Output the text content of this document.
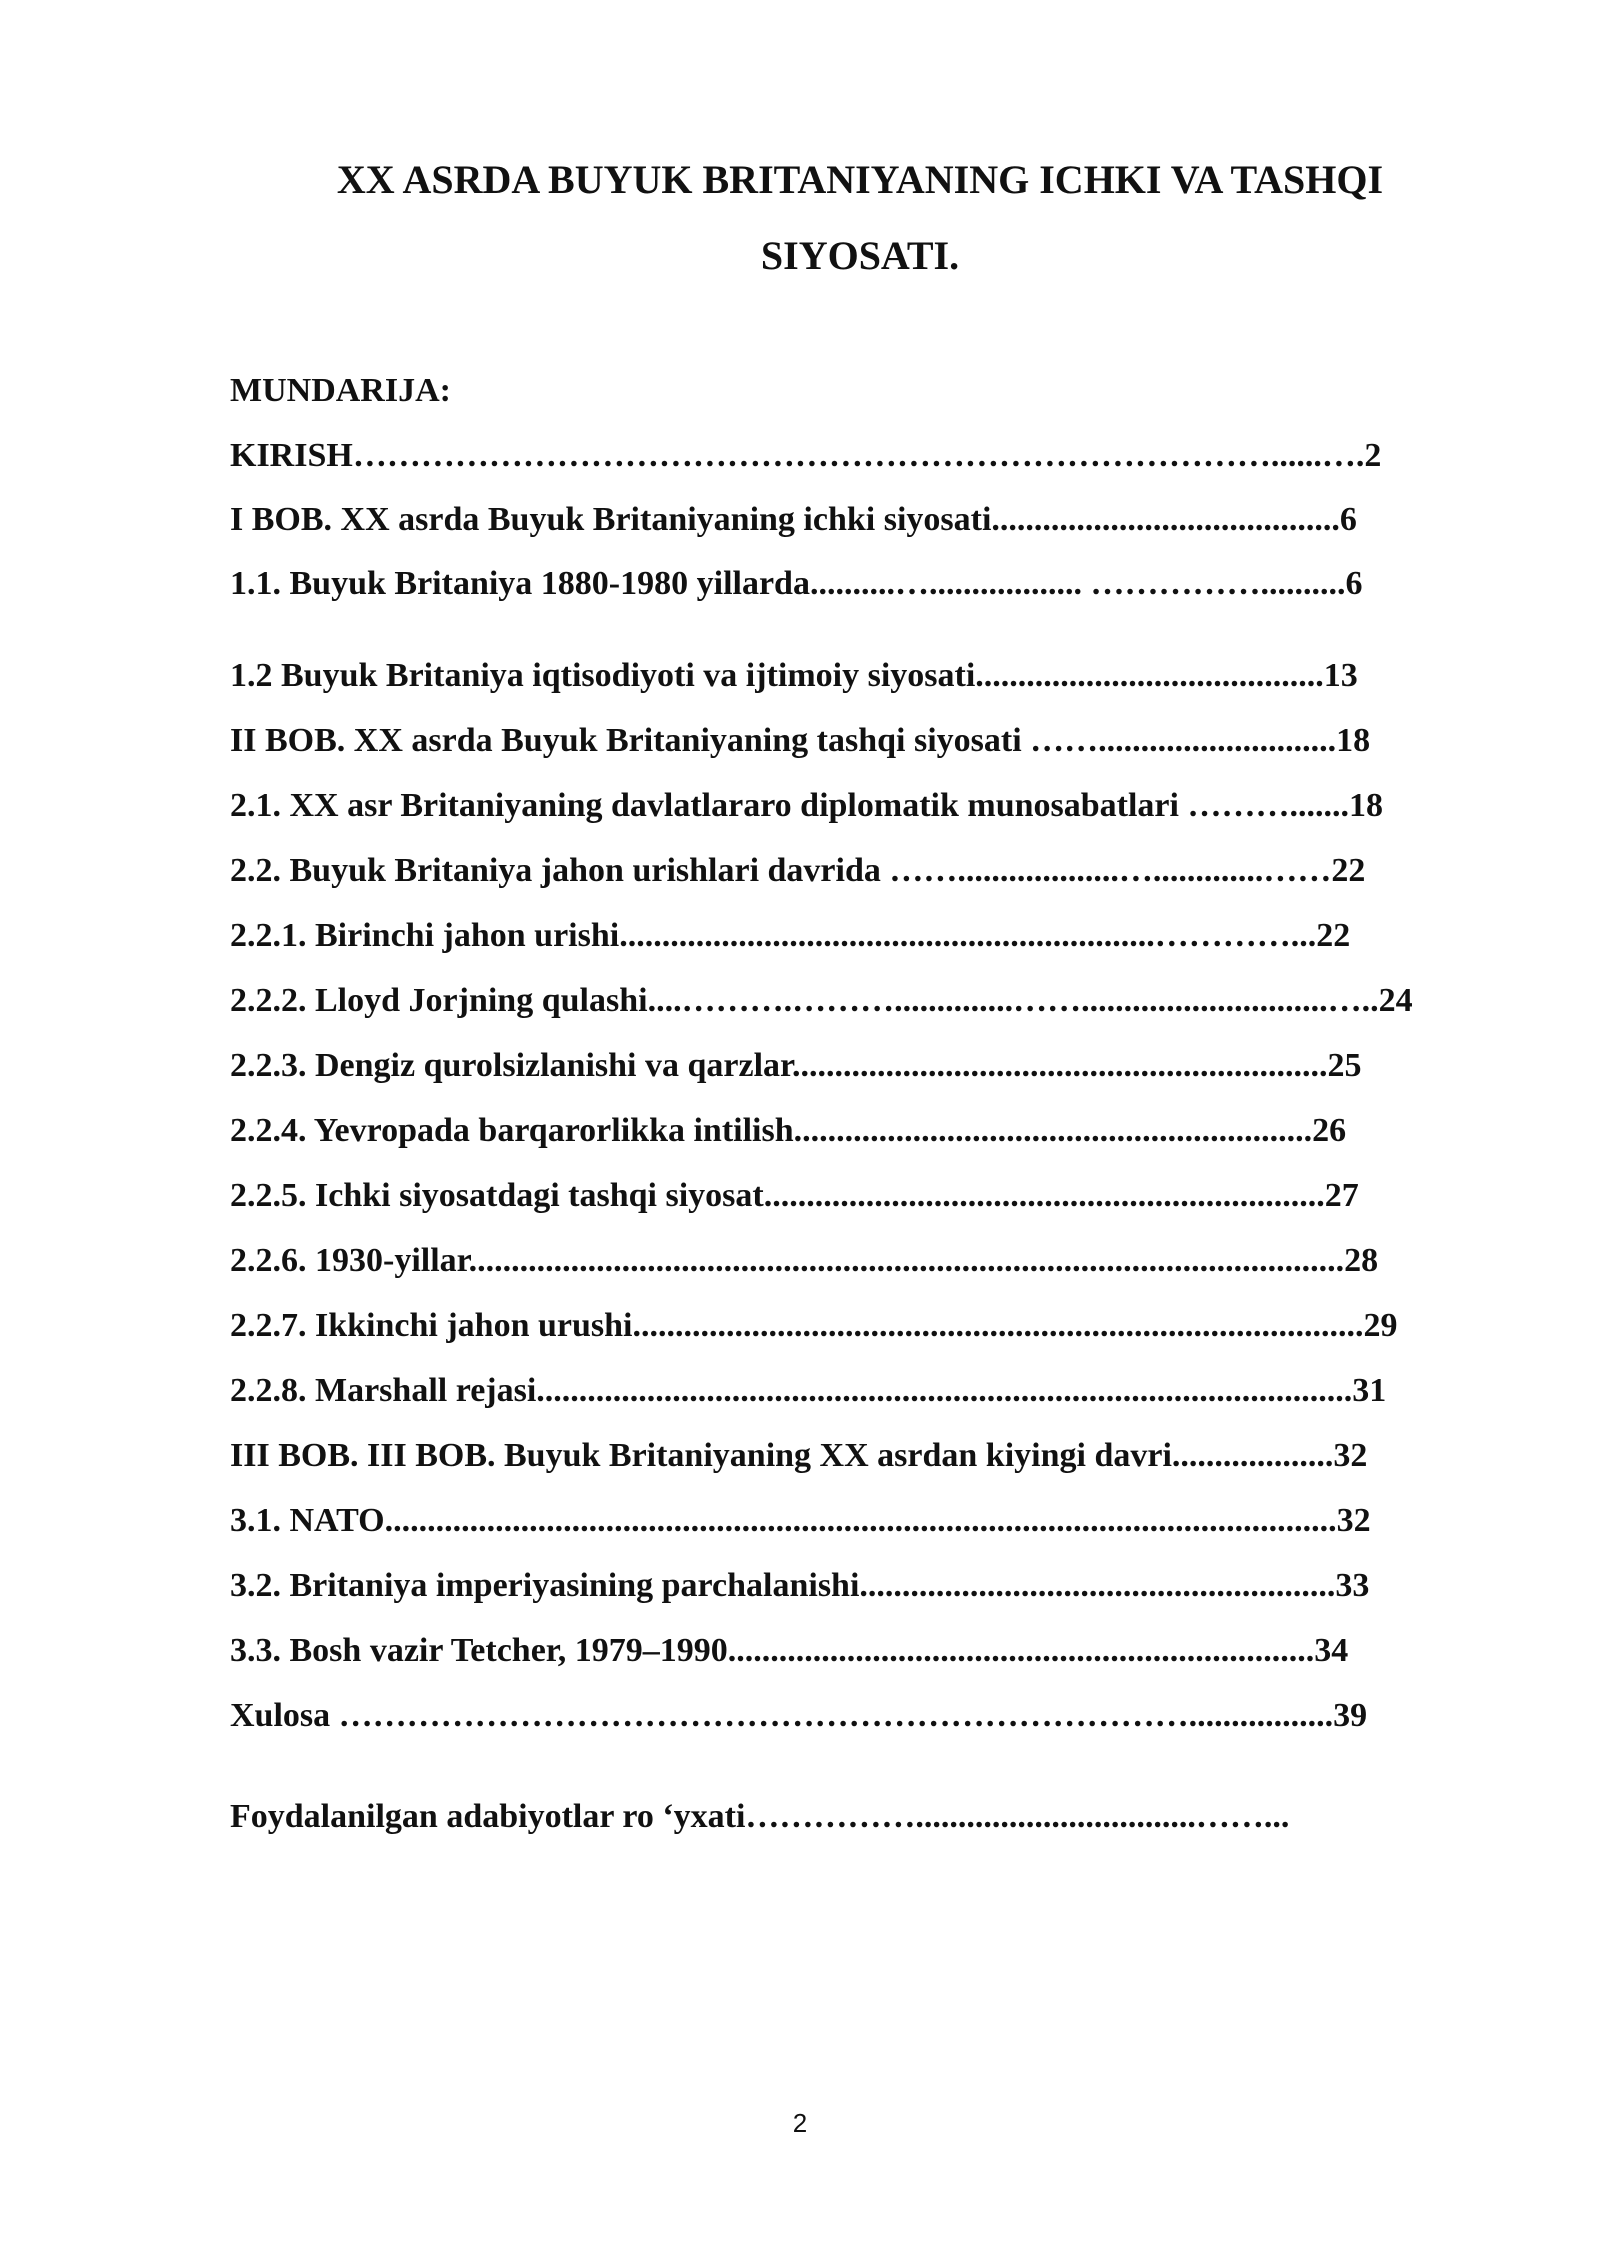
XX ASRDA BUYUK BRITANIYANING ICHKI VA TASHQI
SIYOSATI.
MUNDARIJA:
KIRISH………………………………………………………………………......….2
I BOB. XX asrda Buyuk Britaniyaning ichki siyosati.........................................6
1.1. Buyuk Britaniya 1880-1980 yillarda..........….................. ……………..........6
1.2 Buyuk Britaniya iqtisodiyoti va ijtimoiy siyosati.........................................13
II BOB. XX asrda Buyuk Britaniyaning tashqi siyosati ……............................18
2.1. XX asr Britaniyaning davlatlararo diplomatik munosabatlari ……….......18
2.2. Buyuk Britaniya jahon urishlari davrida ……...................….............……22
2.2.1. Birinchi jahon urishi...............................................................…………...22
2.2.2. Lloyd Jorjning qulashi....……….………..............…….............................…..24
2.2.3. Dengiz qurolsizlanishi va qarzlar...............................................................25
2.2.4. Yevropada barqarorlikka intilish.............................................................26
2.2.5. Ichki siyosatdagi tashqi siyosat..................................................................27
2.2.6. 1930-yillar.......................................................................................................28
2.2.7. Ikkinchi jahon urushi......................................................................................29
2.2.8. Marshall rejasi................................................................................................31
III BOB. III BOB. Buyuk Britaniyaning XX asrdan kiyingi davri...................32
3.1. NATO................................................................................................................32
3.2. Britaniya imperiyasining parchalanishi........................................................33
3.3. Bosh vazir Tetcher, 1979–1990.....................................................................34
Xulosa ………………………………………………………………….................39
Foydalanilgan adabiyotlar ro ‘yxati…………….................................……...
2
